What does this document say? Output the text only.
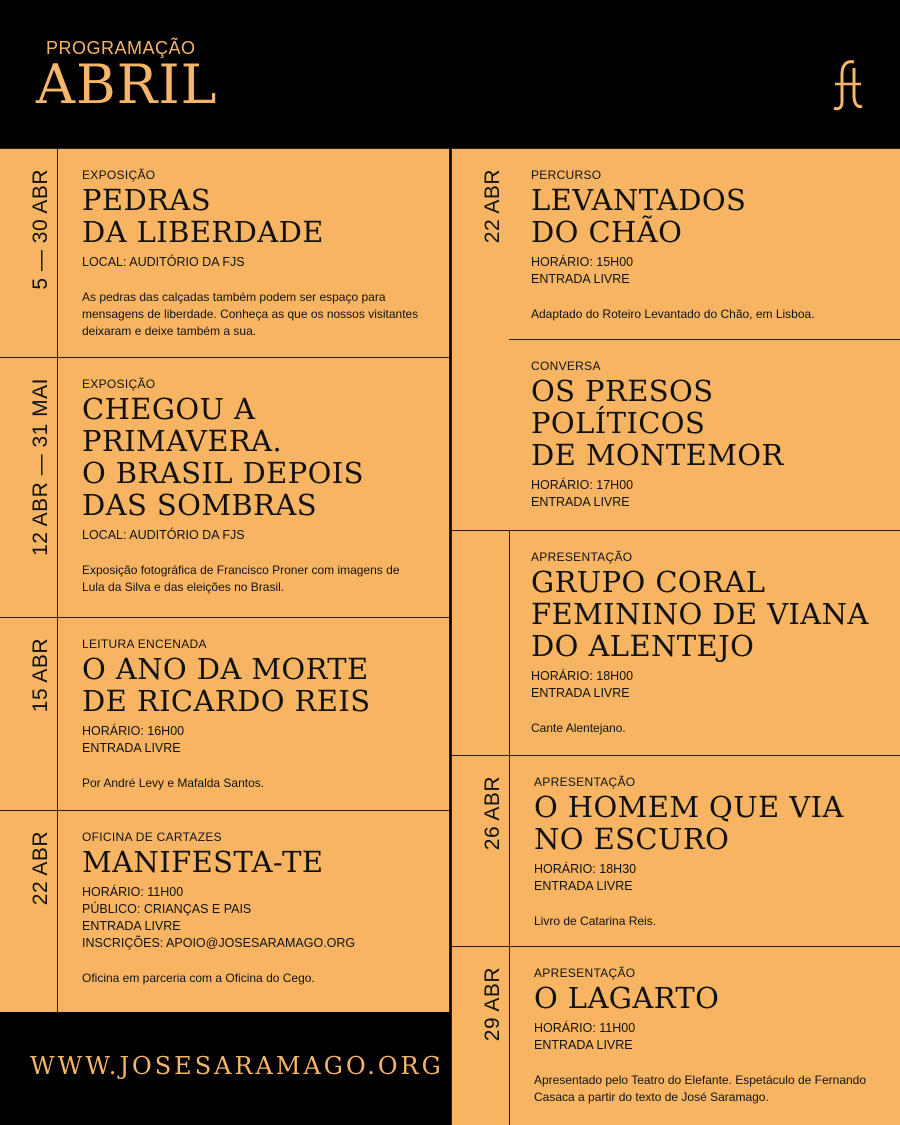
PROGRAMAÇÃO
ABRIL
5 — 30 ABR	EXPOSIÇÃO
PEDRAS
DA LIBERDADE
LOCAL: AUDITÓRIO DA FJS
As pedras das calçadas também podem ser espaço para mensagens de liberdade. Conheça as que os nossos visitantes deixaram e deixe também a sua.
12 ABR — 31 MAI	EXPOSIÇÃO
CHEGOU A
PRIMAVERA.
O BRASIL DEPOIS
DAS SOMBRAS
LOCAL: AUDITÓRIO DA FJS
Exposição fotográfica de Francisco Proner com imagens de Lula da Silva e das eleições no Brasil.
15 ABR	LEITURA ENCENADA
O ANO DA MORTE
DE RICARDO REIS
HORÁRIO: 16H00
ENTRADA LIVRE
Por André Levy e Mafalda Santos.
22 ABR	OFICINA DE CARTAZES
MANIFESTA-TE
HORÁRIO: 11H00
PÚBLICO: CRIANÇAS E PAIS
ENTRADA LIVRE
INSCRIÇÕES: APOIO@JOSESARAMAGO.ORG
Oficina em parceria com a Oficina do Cego.
22 ABR PERCURSO
LEVANTADOS
DO CHÃO
HORÁRIO: 15H00
ENTRADA LIVRE
Adaptado do Roteiro Levantado do Chão, em Lisboa.
CONVERSA
OS PRESOS POLÍTICOS
DE MONTEMOR
HORÁRIO: 17H00
ENTRADA LIVRE
APRESENTAÇÃO
GRUPO CORAL
FEMININO DE VIANA
DO ALENTEJO
HORÁRIO: 18H00
ENTRADA LIVRE
Cante Alentejano.
26 ABR	APRESENTAÇÃO
O HOMEM QUE VIA
NO ESCURO
HORÁRIO: 18H30
ENTRADA LIVRE
Livro de Catarina Reis.
29 ABR	APRESENTAÇÃO
O LAGARTO
HORÁRIO: 11H00
ENTRADA LIVRE
Apresentado pelo Teatro do Elefante. Espetáculo de Fernando Casaca a partir do texto de José Saramago.
WWW.JOSESARAMAGO.ORG
